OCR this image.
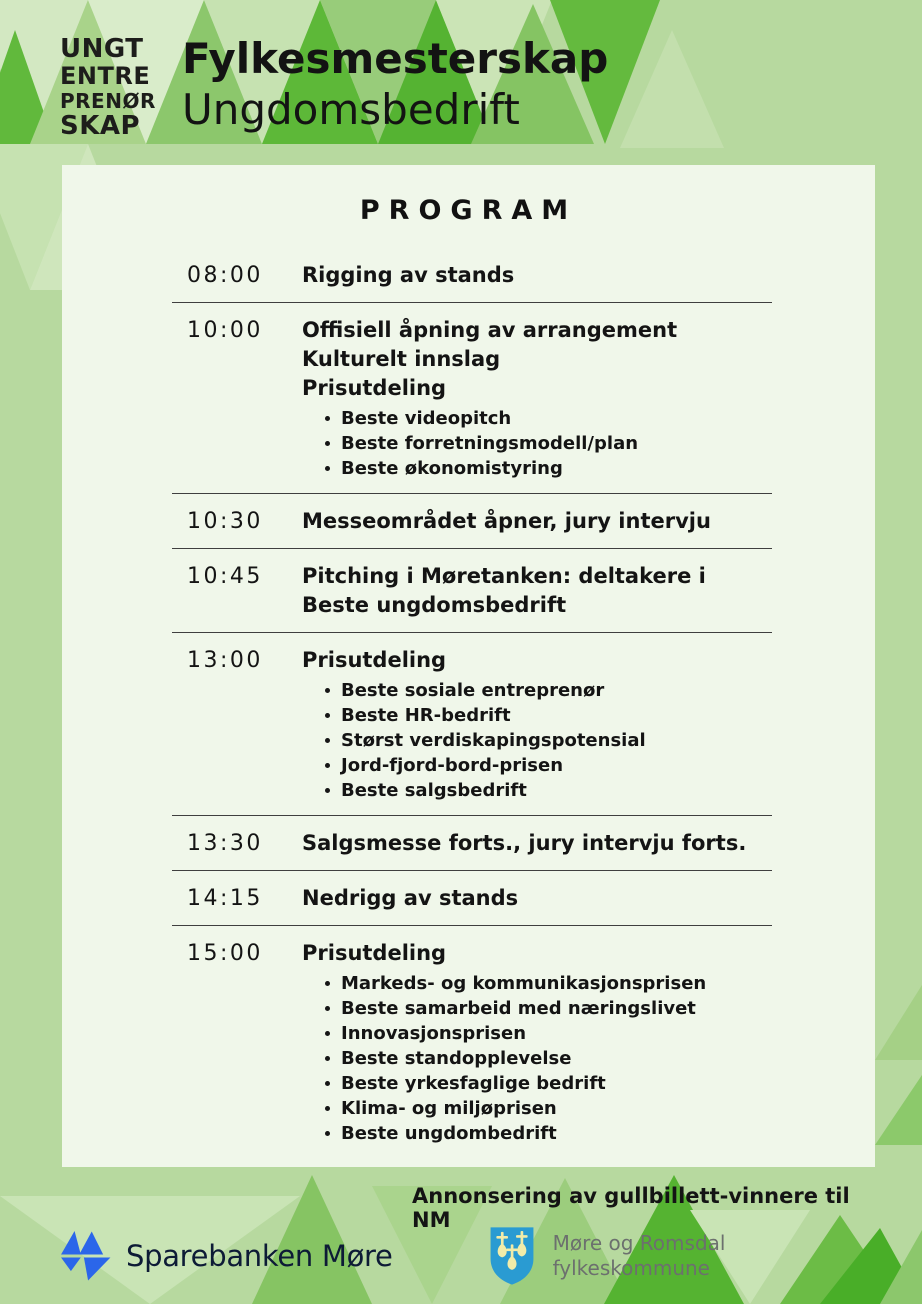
UNGT
ENTRE
PRENØR
SKAP
Fylkesmesterskap
Ungdomsbedrift
PROGRAM
08:00	Rigging av stands
10:00	Offisiell åpning av arrangement
Kulturelt innslag
Prisutdeling
Beste videopitch
Beste forretningsmodell/plan
Beste økonomistyring
10:30	Messeområdet åpner, jury intervju
10:45	Pitching i Møretanken: deltakere i
Beste ungdomsbedrift
13:00	Prisutdeling
Beste sosiale entreprenør
Beste HR-bedrift
Størst verdiskapingspotensial
Jord-fjord-bord-prisen
Beste salgsbedrift
13:30	Salgsmesse forts., jury intervju forts.
14:15	Nedrigg av stands
15:00	Prisutdeling
Markeds- og kommunikasjonsprisen
Beste samarbeid med næringslivet
Innovasjonsprisen
Beste standopplevelse
Beste yrkesfaglige bedrift
Klima- og miljøprisen
Beste ungdombedrift
Annonsering av gullbillett-vinnere til NM
Sparebanken Møre	Møre og Romsdal
fylkeskommune
